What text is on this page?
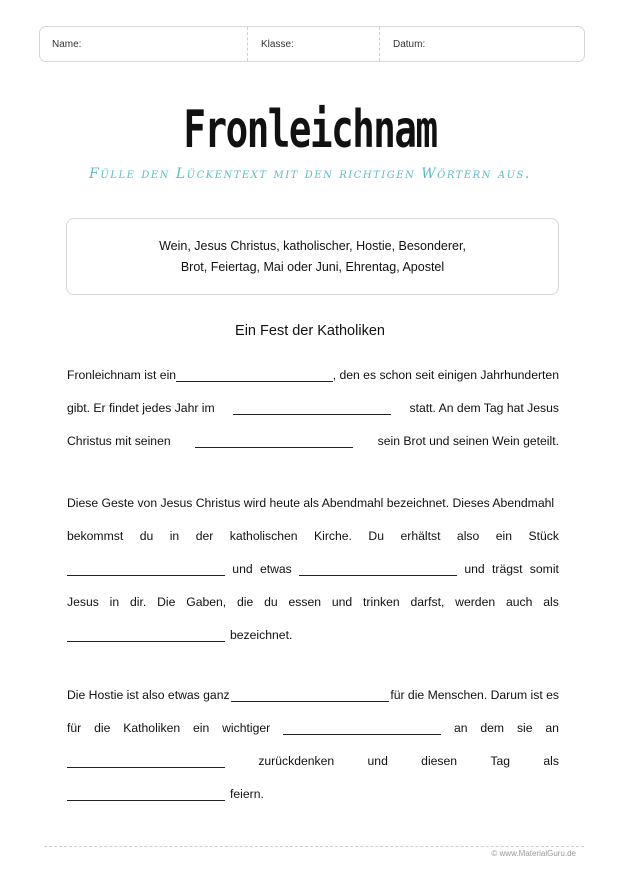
Name:	Klasse:	Datum:
Fronleichnam
Fülle den Lückentext mit den richtigen Wörtern aus.
Wein, Jesus Christus, katholischer, Hostie, Besonderer,
Brot, Feiertag, Mai oder Juni, Ehrentag, Apostel
Ein Fest der Katholiken
Fronleichnam ist ein	, den es schon seit einigen Jahrhunderten
gibt. Er findet jedes Jahr im	statt. An dem Tag hat Jesus
Christus mit seinen	sein Brot und seinen Wein geteilt.
Diese Geste von Jesus Christus wird heute als Abendmahl bezeichnet. Dieses Abendmahl
bekommst du in der katholischen Kirche. Du erhältst also ein Stück
und etwas	und trägst somit
Jesus in dir. Die Gaben, die du essen und trinken darfst, werden auch als
bezeichnet.
Die Hostie ist also etwas ganz	für die Menschen. Darum ist es
für die Katholiken ein wichtiger	an dem sie an
zurückdenken	und	diesen	Tag	als
feiern.
© www.MaterialGuru.de
